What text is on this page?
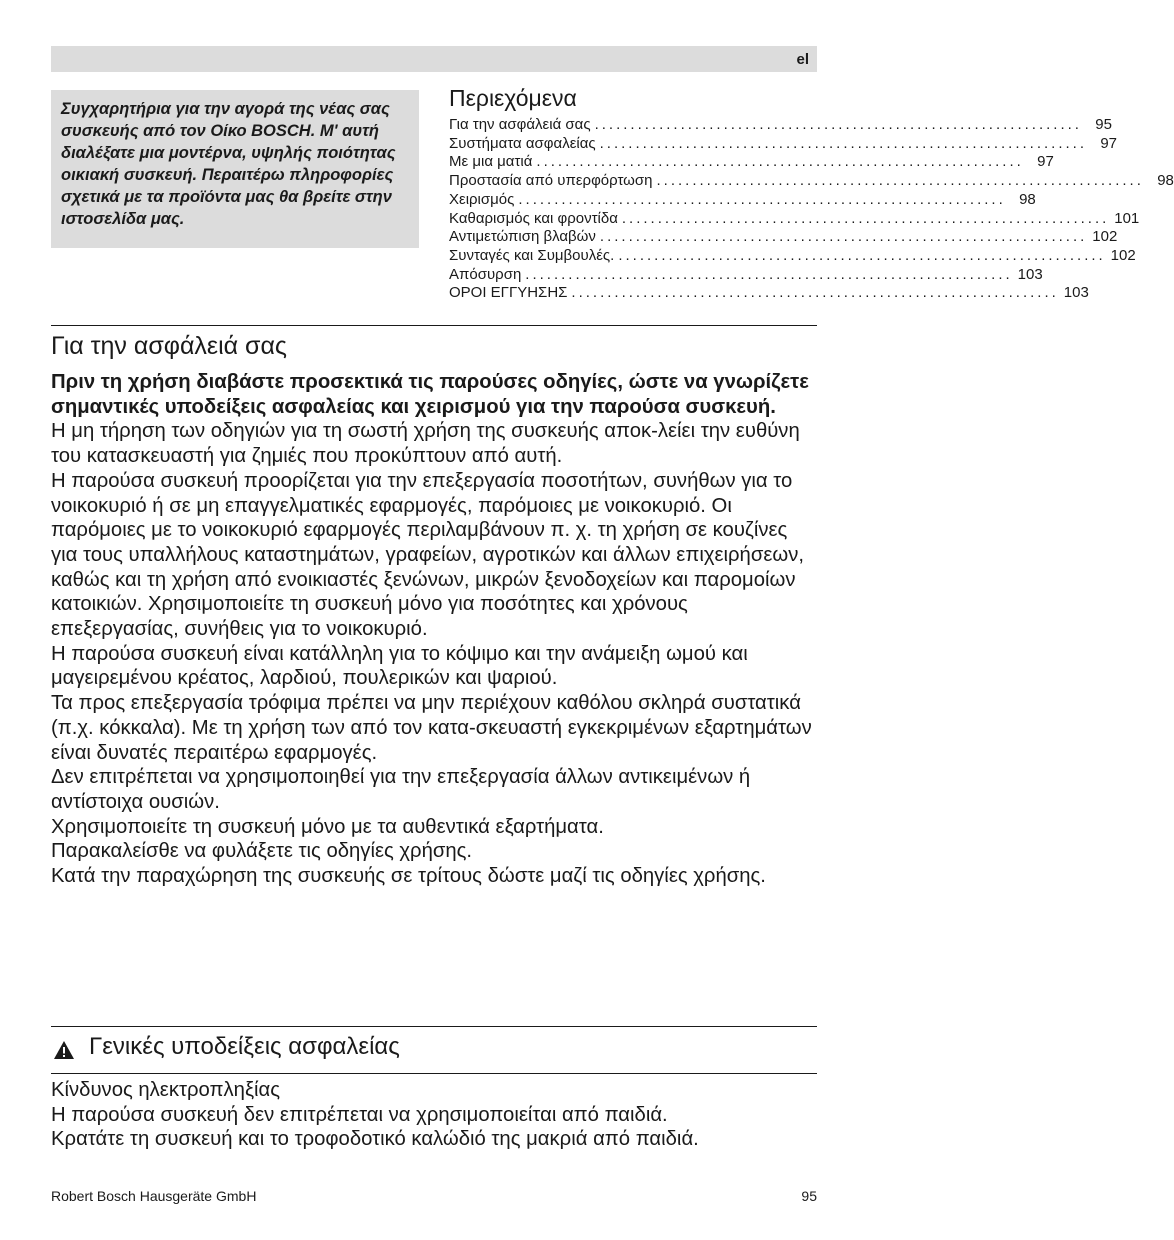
el

Συγχαρητήρια για την αγορά της νέας σας συσκευής από τον Οίκο BOSCH. Μ' αυτή διαλέξατε μια μοντέρνα, υψηλής ποιότητας οικιακή συσκευή. Περαιτέρω πληροφορίες σχετικά με τα προϊόντα μας θα βρείτε στην ιστοσελίδα μας.

Περιεχόμενα
Για την ασφάλειά σας .................................................................... 95
Συστήματα ασφαλείας .................................................................... 97
Με μια ματιά .................................................................... 97
Προστασία από υπερφόρτωση .................................................................... 98
Χειρισμός .................................................................... 98
Καθαρισμός και φροντίδα .................................................................... 101
Αντιμετώπιση βλαβών .................................................................... 102
Συνταγές και Συμβουλές. .................................................................... 102
Απόσυρση .................................................................... 103
ΟΡΟΙ ΕΓΓΥΗΣΗΣ .................................................................... 103
Για την ασφάλειά σας

Πριν τη χρήση διαβάστε προσεκτικά τις παρούσες οδηγίες, ώστε να γνωρίζετε σημαντικές υποδείξεις ασφαλείας και χειρισμού για την παρούσα συσκευή.

Η μη τήρηση των οδηγιών για τη σωστή χρήση της συσκευής αποκ-λείει την ευθύνη του κατασκευαστή για ζημιές που προκύπτουν από αυτή.

Η παρούσα συσκευή προορίζεται για την επεξεργασία ποσοτήτων, συνήθων για το νοικοκυριό ή σε μη επαγγελματικές εφαρμογές, παρόμοιες με νοικοκυριό. Οι παρόμοιες με το νοικοκυριό εφαρμογές περιλαμβάνουν π. χ. τη χρήση σε κουζίνες για τους υπαλλήλους καταστημάτων, γραφείων, αγροτικών και άλλων επιχειρήσεων, καθώς και τη χρήση από ενοικιαστές ξενώνων, μικρών ξενοδοχείων και παρομοίων κατοικιών. Χρησιμοποιείτε τη συσκευή μόνο για ποσότητες και χρόνους επεξεργασίας, συνήθεις για το νοικοκυριό.

Η παρούσα συσκευή είναι κατάλληλη για το κόψιμο και την ανάμειξη ωμού και μαγειρεμένου κρέατος, λαρδιού, πουλερικών και ψαριού.

Τα προς επεξεργασία τρόφιμα πρέπει να μην περιέχουν καθόλου σκληρά συστατικά (π.χ. κόκκαλα). Με τη χρήση των από τον κατα-σκευαστή εγκεκριμένων εξαρτημάτων είναι δυνατές περαιτέρω εφαρμογές.

Δεν επιτρέπεται να χρησιμοποιηθεί για την επεξεργασία άλλων αντικειμένων ή αντίστοιχα ουσιών.

Χρησιμοποιείτε τη συσκευή μόνο με τα αυθεντικά εξαρτήματα.

Παρακαλείσθε να φυλάξετε τις οδηγίες χρήσης.

Κατά την παραχώρηση της συσκευής σε τρίτους δώστε μαζί τις οδηγίες χρήσης.

Γενικές υποδείξεις ασφαλείας

Κίνδυνος ηλεκτροπληξίας

Η παρούσα συσκευή δεν επιτρέπεται να χρησιμοποιείται από παιδιά.

Κρατάτε τη συσκευή και το τροφοδοτικό καλώδιό της μακριά από παιδιά.

Robert Bosch Hausgeräte GmbH	95
